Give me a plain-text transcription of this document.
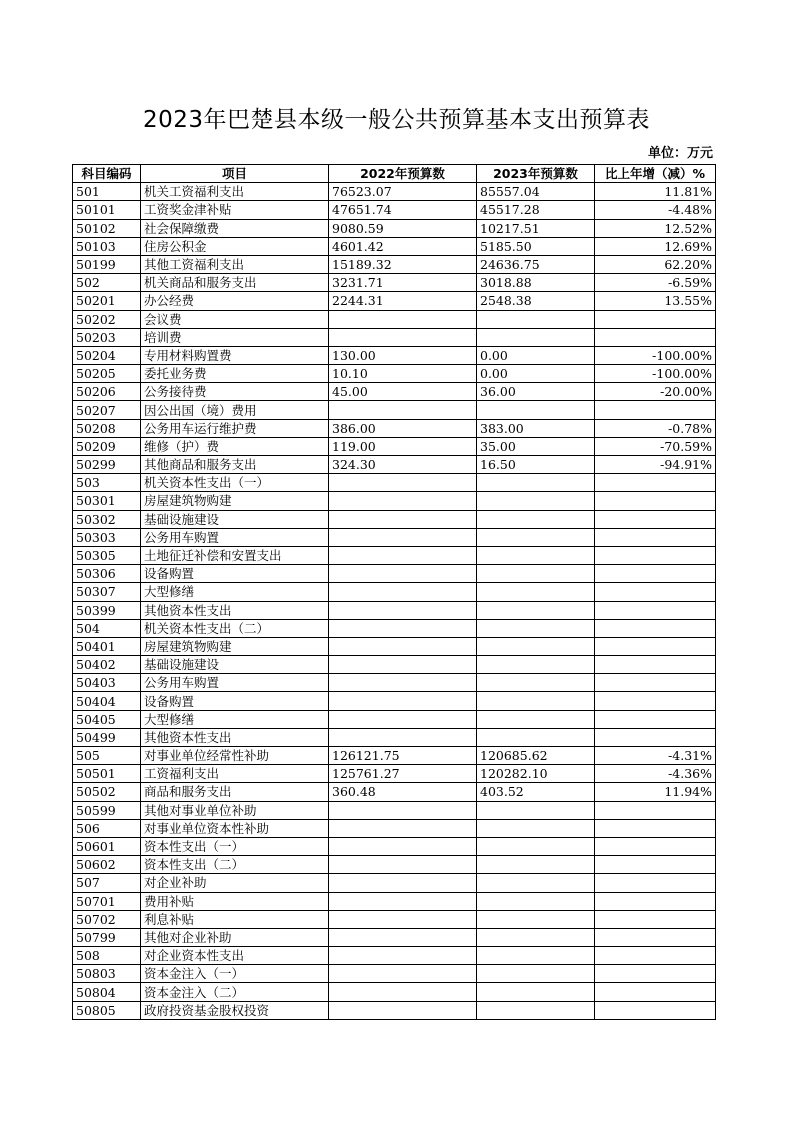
2023年巴楚县本级一般公共预算基本支出预算表
单位：万元
科目编码	项目	2022年预算数	2023年预算数	比上年增（减）%
501	机关工资福利支出	76523.07	85557.04	11.81%
50101	工资奖金津补贴	47651.74	45517.28	-4.48%
50102	社会保障缴费	9080.59	10217.51	12.52%
50103	住房公积金	4601.42	5185.50	12.69%
50199	其他工资福利支出	15189.32	24636.75	62.20%
502	机关商品和服务支出	3231.71	3018.88	-6.59%
50201	办公经费	2244.31	2548.38	13.55%
50202	会议费			
50203	培训费			
50204	专用材料购置费	130.00	0.00	-100.00%
50205	委托业务费	10.10	0.00	-100.00%
50206	公务接待费	45.00	36.00	-20.00%
50207	因公出国（境）费用			
50208	公务用车运行维护费	386.00	383.00	-0.78%
50209	维修（护）费	119.00	35.00	-70.59%
50299	其他商品和服务支出	324.30	16.50	-94.91%
503	机关资本性支出（一）			
50301	房屋建筑物购建			
50302	基础设施建设			
50303	公务用车购置			
50305	土地征迁补偿和安置支出			
50306	设备购置			
50307	大型修缮			
50399	其他资本性支出			
504	机关资本性支出（二）			
50401	房屋建筑物购建			
50402	基础设施建设			
50403	公务用车购置			
50404	设备购置			
50405	大型修缮			
50499	其他资本性支出			
505	对事业单位经常性补助	126121.75	120685.62	-4.31%
50501	工资福利支出	125761.27	120282.10	-4.36%
50502	商品和服务支出	360.48	403.52	11.94%
50599	其他对事业单位补助			
506	对事业单位资本性补助			
50601	资本性支出（一）			
50602	资本性支出（二）			
507	对企业补助			
50701	费用补贴			
50702	利息补贴			
50799	其他对企业补助			
508	对企业资本性支出			
50803	资本金注入（一）			
50804	资本金注入（二）			
50805	政府投资基金股权投资			
